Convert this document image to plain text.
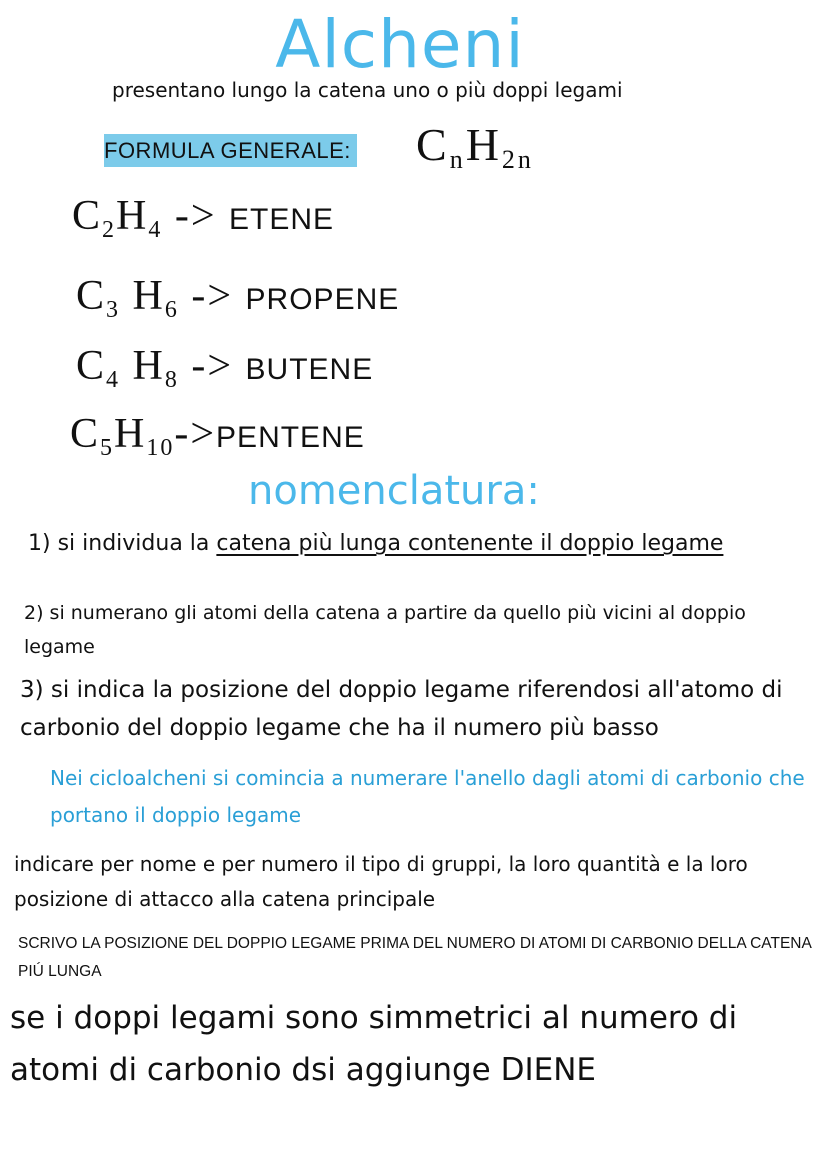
Alcheni
presentano lungo la catena uno o più doppi legami
FORMULA GENERALE: $C_nH_{2n}$
$C_2H_4$ -> ETENE
$C_3$ $H_6$ -> PROPENE
$C_4$ $H_8$ -> BUTENE
$C_5H_{10}->PENTENE$
nomenclatura:
1) si individua la catena più lunga contenente il doppio legame
2) si numerano gli atomi della catena a partire da quello più vicini al doppio legame
3) si indica la posizione del doppio legame riferendosi all'atomo di carbonio del doppio legame che ha il numero più basso
Nei cicloalcheni si comincia a numerare l'anello dagli atomi di carbonio che portano il doppio legame
indicare per nome e per numero il tipo di gruppi, la loro quantità e la loro posizione di attacco alla catena principale
SCRIVO LA POSIZIONE DEL DOPPIO LEGAME PRIMA DEL NUMERO DI ATOMI DI CARBONIO DELLA CATENA PIÚ LUNGA
se i doppi legami sono simmetrici al numero di atomi di carbonio dsi aggiunge DIENE
